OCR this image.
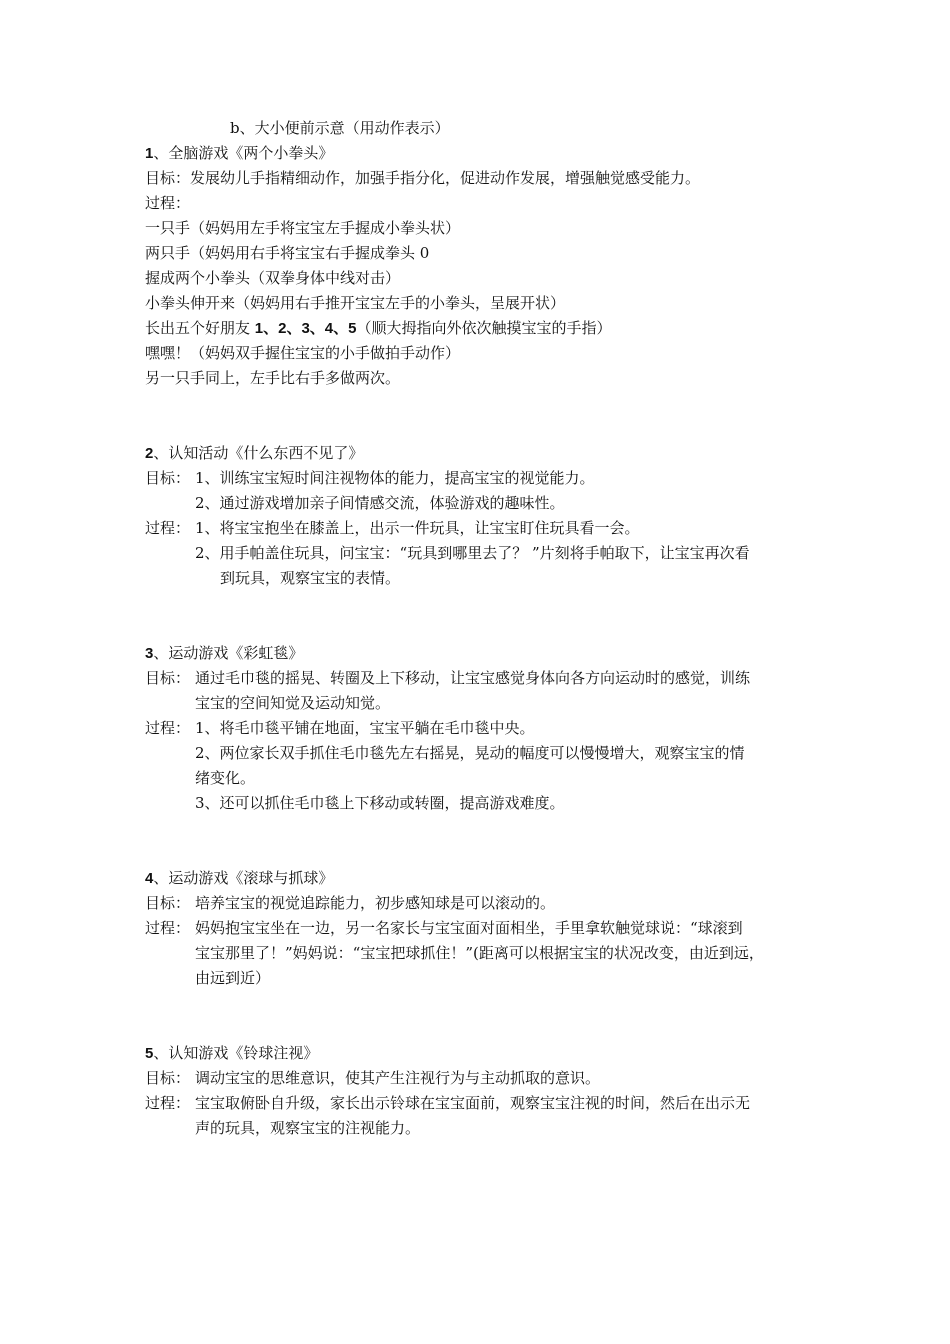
b、大小便前示意（用动作表示）
1、全脑游戏《两个小拳头》
目标：发展幼儿手指精细动作，加强手指分化，促进动作发展，增强触觉感受能力。
过程：
一只手（妈妈用左手将宝宝左手握成小拳头状）
两只手（妈妈用右手将宝宝右手握成拳头 0
握成两个小拳头（双拳身体中线对击）
小拳头伸开来（妈妈用右手推开宝宝左手的小拳头，呈展开状）
长出五个好朋友 1、2、3、4、5（顺大拇指向外依次触摸宝宝的手指）
嘿嘿！（妈妈双手握住宝宝的小手做拍手动作）
另一只手同上，左手比右手多做两次。
2、认知活动《什么东西不见了》
目标： 1、训练宝宝短时间注视物体的能力，提高宝宝的视觉能力。
2、通过游戏增加亲子间情感交流，体验游戏的趣味性。
过程： 1、将宝宝抱坐在膝盖上，出示一件玩具，让宝宝盯住玩具看一会。
2、用手帕盖住玩具，问宝宝：“玩具到哪里去了？ ”片刻将手帕取下，让宝宝再次看
到玩具，观察宝宝的表情。
3、运动游戏《彩虹毯》
目标： 通过毛巾毯的摇晃、转圈及上下移动，让宝宝感觉身体向各方向运动时的感觉，训练
宝宝的空间知觉及运动知觉。
过程： 1、将毛巾毯平铺在地面，宝宝平躺在毛巾毯中央。
2、两位家长双手抓住毛巾毯先左右摇晃，晃动的幅度可以慢慢增大，观察宝宝的情
绪变化。
3、还可以抓住毛巾毯上下移动或转圈，提高游戏难度。
4、运动游戏《滚球与抓球》
目标： 培养宝宝的视觉追踪能力，初步感知球是可以滚动的。
过程： 妈妈抱宝宝坐在一边，另一名家长与宝宝面对面相坐，手里拿软触觉球说：“球滚到
宝宝那里了！”妈妈说：“宝宝把球抓住！”(距离可以根据宝宝的状况改变，由近到远，
由远到近）
5、认知游戏《铃球注视》
目标： 调动宝宝的思维意识，使其产生注视行为与主动抓取的意识。
过程： 宝宝取俯卧自升级，家长出示铃球在宝宝面前，观察宝宝注视的时间，然后在出示无
声的玩具，观察宝宝的注视能力。
